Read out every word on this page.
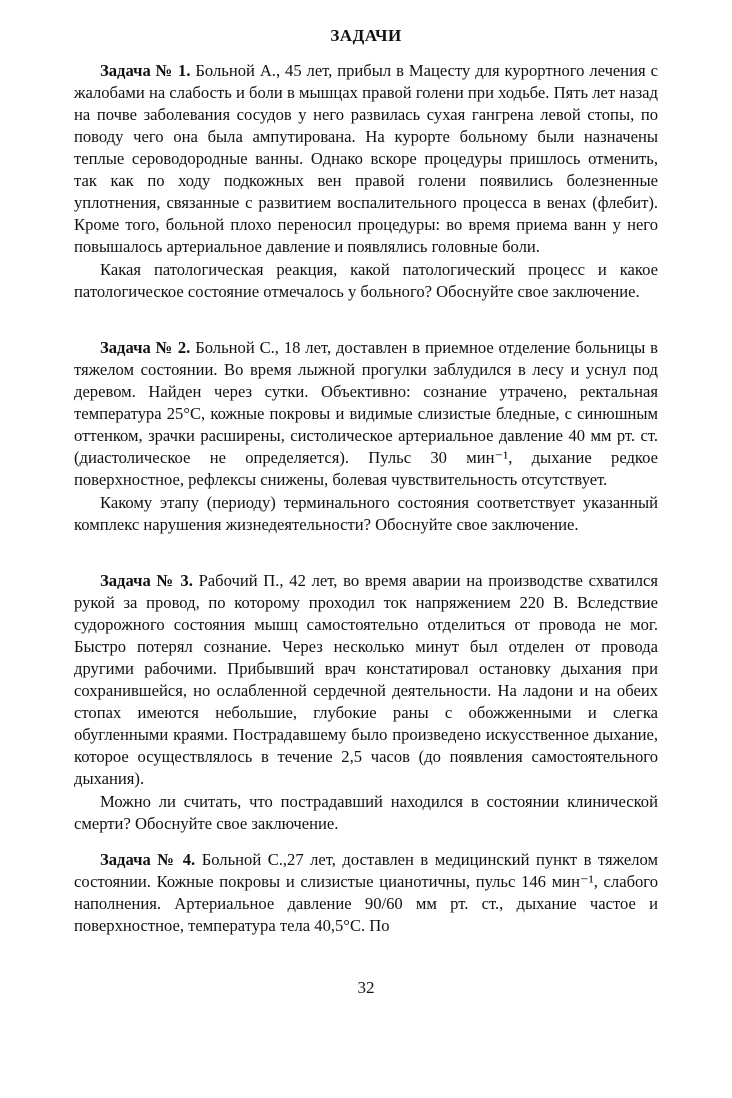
ЗАДАЧИ

Задача № 1. Больной А., 45 лет, прибыл в Мацесту для курортного лечения с жалобами на слабость и боли в мышцах правой голени при ходьбе. Пять лет назад на почве заболевания сосудов у него развилась сухая гангрена левой стопы, по поводу чего она была ампутирована. На курорте больному были назначены теплые сероводородные ванны. Однако вскоре процедуры пришлось отменить, так как по ходу подкожных вен правой голени появились болезненные уплотнения, связанные с развитием воспалительного процесса в венах (флебит). Кроме того, больной плохо переносил процедуры: во время приема ванн у него повышалось артериальное давление и появлялись головные боли.

Какая патологическая реакция, какой патологический процесс и какое патологическое состояние отмечалось у больного? Обоснуйте свое заключение.

Задача № 2. Больной С., 18 лет, доставлен в приемное отделение больницы в тяжелом состоянии. Во время лыжной прогулки заблудился в лесу и уснул под деревом. Найден через сутки. Объективно: сознание утрачено, ректальная температура 25°С, кожные покровы и видимые слизистые бледные, с синюшным оттенком, зрачки расширены, систолическое артериальное давление 40 мм рт. ст. (диастолическое не определяется). Пульс 30 мин⁻¹, дыхание редкое поверхностное, рефлексы снижены, болевая чувствительность отсутствует.

Какому этапу (периоду) терминального состояния соответствует указанный комплекс нарушения жизнедеятельности? Обоснуйте свое заключение.

Задача № 3. Рабочий П., 42 лет, во время аварии на производстве схватился рукой за провод, по которому проходил ток напряжением 220 В. Вследствие судорожного состояния мышц самостоятельно отделиться от провода не мог. Быстро потерял сознание. Через несколько минут был отделен от провода другими рабочими. Прибывший врач констатировал остановку дыхания при сохранившейся, но ослабленной сердечной деятельности. На ладони и на обеих стопах имеются небольшие, глубокие раны с обожженными и слегка обугленными краями. Пострадавшему было произведено искусственное дыхание, которое осуществлялось в течение 2,5 часов (до появления самостоятельного дыхания).

Можно ли считать, что пострадавший находился в состоянии клинической смерти? Обоснуйте свое заключение.

Задача № 4. Больной С.,27 лет, доставлен в медицинский пункт в тяжелом состоянии. Кожные покровы и слизистые цианотичны, пульс 146 мин⁻¹, слабого наполнения. Артериальное давление 90/60 мм рт. ст., дыхание частое и поверхностное, температура тела 40,5°С. По

32
